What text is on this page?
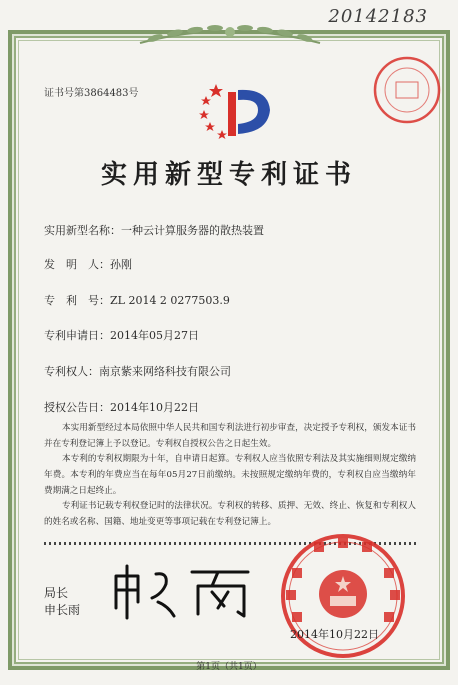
20142183
证书号第3864483号
实用新型专利证书
实用新型名称：一种云计算服务器的散热装置
发　明　人：孙刚
专　利　号：ZL 2014 2 0277503.9
专利申请日：2014年05月27日
专利权人：南京紫来网络科技有限公司
授权公告日：2014年10月22日
本实用新型经过本局依照中华人民共和国专利法进行初步审查，决定授予专利权，颁发本证书并在专利登记簿上予以登记。专利权自授权公告之日起生效。
本专利的专利权期限为十年，自申请日起算。专利权人应当依照专利法及其实施细则规定缴纳年费。本专利的年费应当在每年05月27日前缴纳。未按照规定缴纳年费的，专利权自应当缴纳年费期满之日起终止。
专利证书记载专利权登记时的法律状况。专利权的转移、质押、无效、终止、恢复和专利权人的姓名或名称、国籍、地址变更等事项记载在专利登记簿上。
局长
申长雨
2014年10月22日
第1页（共1页）
